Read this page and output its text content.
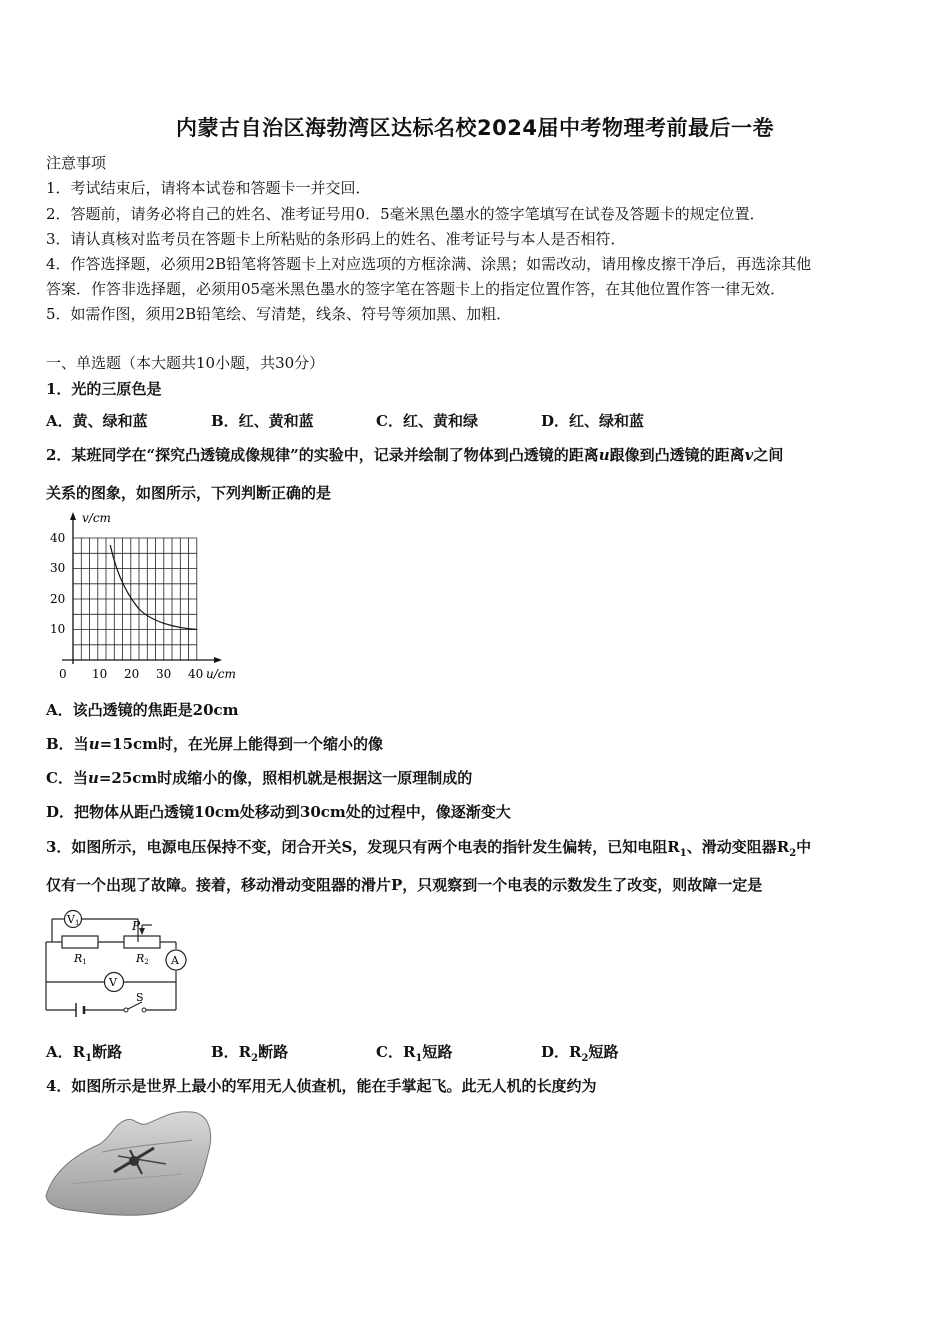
内蒙古自治区海勃湾区达标名校2024届中考物理考前最后一卷
注意事项
1．考试结束后，请将本试卷和答题卡一并交回．
2．答题前，请务必将自己的姓名、准考证号用0．5毫米黑色墨水的签字笔填写在试卷及答题卡的规定位置．
3．请认真核对监考员在答题卡上所粘贴的条形码上的姓名、准考证号与本人是否相符．
4．作答选择题，必须用2B铅笔将答题卡上对应选项的方框涂满、涂黑；如需改动，请用橡皮擦干净后，再选涂其他
答案．作答非选择题，必须用05毫米黑色墨水的签字笔在答题卡上的指定位置作答，在其他位置作答一律无效．
5．如需作图，须用2B铅笔绘、写清楚，线条、符号等须加黑、加粗．
一、单选题（本大题共10小题，共30分）
1．光的三原色是
A．黄、绿和蓝	B．红、黄和蓝	C．红、黄和绿	D．红、绿和蓝
2．某班同学在“探究凸透镜成像规律”的实验中，记录并绘制了物体到凸透镜的距离u跟像到凸透镜的距离v之间
关系的图象，如图所示，下列判断正确的是
v/cm
40
30
20
10
0 10 20 30 40 u/cm
A．该凸透镜的焦距是20cm
B．当u=15cm时，在光屏上能得到一个缩小的像
C．当u=25cm时成缩小的像，照相机就是根据这一原理制成的
D．把物体从距凸透镜10cm处移动到30cm处的过程中，像逐渐变大
3．如图所示，电源电压保持不变，闭合开关S，发现只有两个电表的指针发生偏转，已知电阻$R_1$、滑动变阻器$R_2$中
仅有一个出现了故障。接着，移动滑动变阻器的滑片P，只观察到一个电表的示数发生了改变，则故障一定是
V1
A
V
P
R1	R2
S
A．$R_1$断路	B．$R_2$断路	C．$R_1$短路	D．$R_2$短路
4．如图所示是世界上最小的军用无人侦查机，能在手掌起飞。此无人机的长度约为
